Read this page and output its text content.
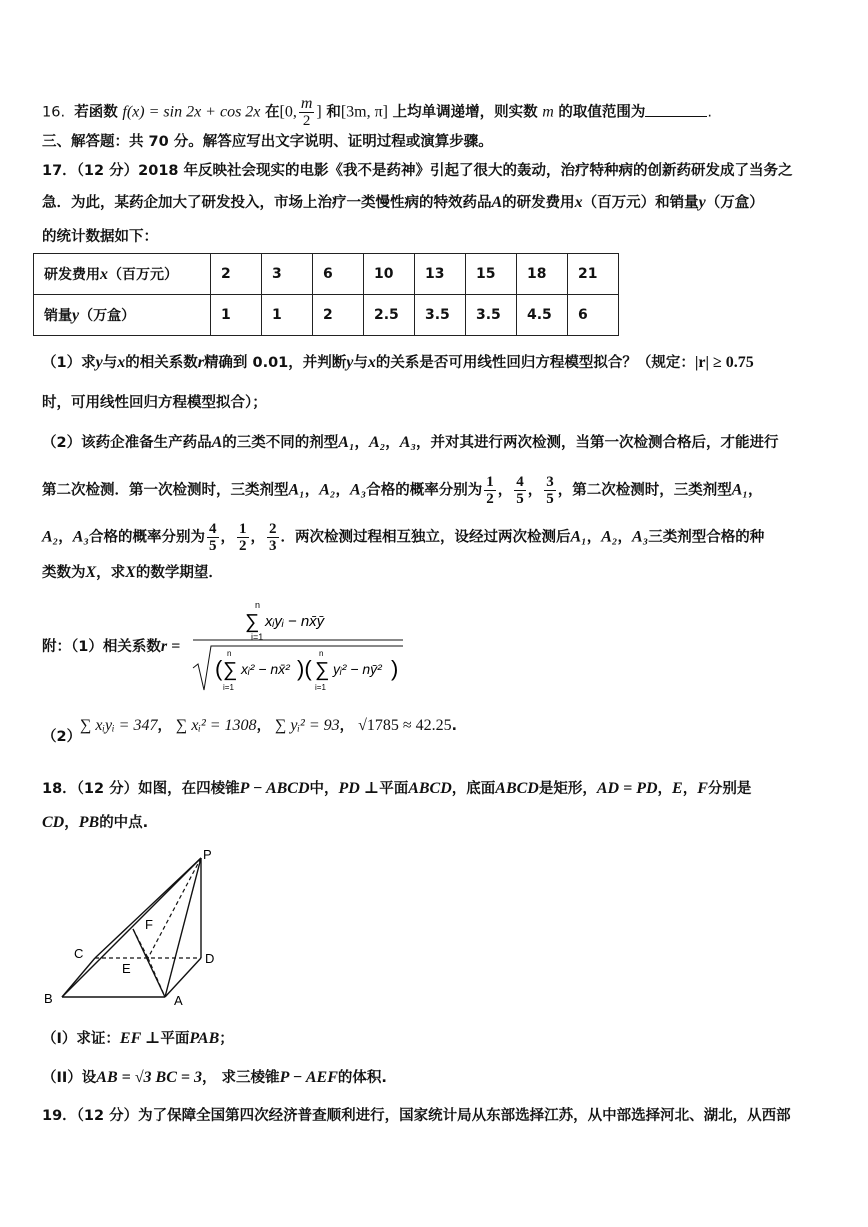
16. 若函数 f(x) = sin 2x + cos 2x 在[0, $\frac{m}{2}$ ] 和[3m, π] 上均单调递增，则实数 m 的取值范围为	.
三、解答题：共 70 分。解答应写出文字说明、证明过程或演算步骤。
17．（12 分）2018 年反映社会现实的电影《我不是药神》引起了很大的轰动，治疗特种病的创新药研发成了当务之
急．为此，某药企加大了研发投入，市场上治疗一类慢性病的特效药品A的研发费用x（百万元）和销量y（万盒）
的统计数据如下：
研发费用x（百万元）	2	3	6	10	13	15	18	21
销量y（万盒）	1	1	2	2.5	3.5	3.5	4.5	6
（1）求y与x的相关系数r精确到 0.01，并判断y与x的关系是否可用线性回归方程模型拟合？（规定：|r| ≥ 0.75
时，可用线性回归方程模型拟合）；
（2）该药企准备生产药品A的三类不同的剂型A₁，A₂，A₃，并对其进行两次检测，当第一次检测合格后，才能进行
第二次检测．第一次检测时，三类剂型A₁，A₂，A₃合格的概率分别为 $\frac{1}{2}$ ， $\frac{4}{5}$ ， $\frac{3}{5}$ ，第二次检测时，三类剂型A₁，
A₂，A₃合格的概率分别为 $\frac{4}{5}$ ， $\frac{1}{2}$ ， $\frac{2}{3}$ ．两次检测过程相互独立，设经过两次检测后A₁，A₂，A₃三类剂型合格的种
类数为X，求X的数学期望．
附：（1）相关系数r =
n
i=1
∑ xᵢyᵢ − nx̄ȳ
( ∑
n
i=1
xᵢ² − nx̄² )( ∑
n
i=1
yᵢ² − nȳ² )
（2）
∑ xᵢyᵢ = 347， ∑ xᵢ² = 1308， ∑ yᵢ² = 93， √1785 ≈ 42.25.
18．（12 分）如图，在四棱锥P − ABCD中，PD ⊥平面ABCD，底面ABCD是矩形，AD = PD，E，F分别是
CD，PB的中点.
P
C	D
F
E
B	A
（I）求证：EF ⊥平面PAB；
（II）设AB = √3 BC = 3， 求三棱锥P − AEF的体积.
19．（12 分）为了保障全国第四次经济普查顺利进行，国家统计局从东部选择江苏，从中部选择河北、湖北，从西部
